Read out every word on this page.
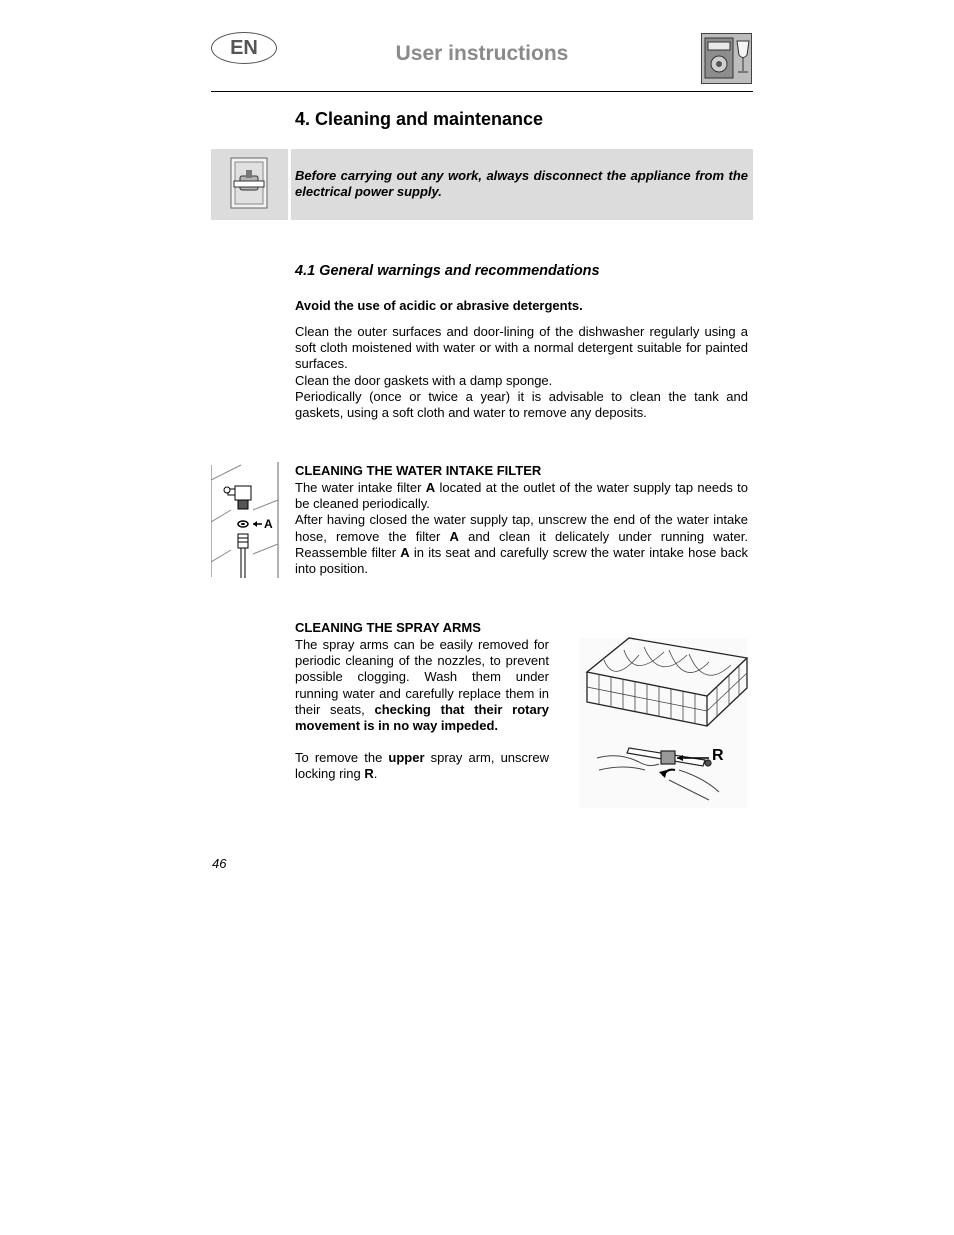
EN	User instructions
4. Cleaning and maintenance
Before carrying out any work, always disconnect the appliance from the electrical power supply.
4.1 General warnings and recommendations
Avoid the use of acidic or abrasive detergents.
Clean the outer surfaces and door-lining of the dishwasher regularly using a soft cloth moistened with water or with a normal detergent suitable for painted surfaces.
Clean the door gaskets with a damp sponge.
Periodically (once or twice a year) it is advisable to clean the tank and gaskets, using a soft cloth and water to remove any deposits.
A
CLEANING THE WATER INTAKE FILTER
The water intake filter A located at the outlet of the water supply tap needs to be cleaned periodically.
After having closed the water supply tap, unscrew the end of the water intake hose, remove the filter A and clean it delicately under running water. Reassemble filter A in its seat and carefully screw the water intake hose back into position.
CLEANING THE SPRAY ARMS
The spray arms can be easily removed for periodic cleaning of the nozzles, to prevent possible clogging. Wash them under running water and carefully replace them in their seats, checking that their rotary movement is in no way impeded.
To remove the upper spray arm, unscrew locking ring R.
R
46
